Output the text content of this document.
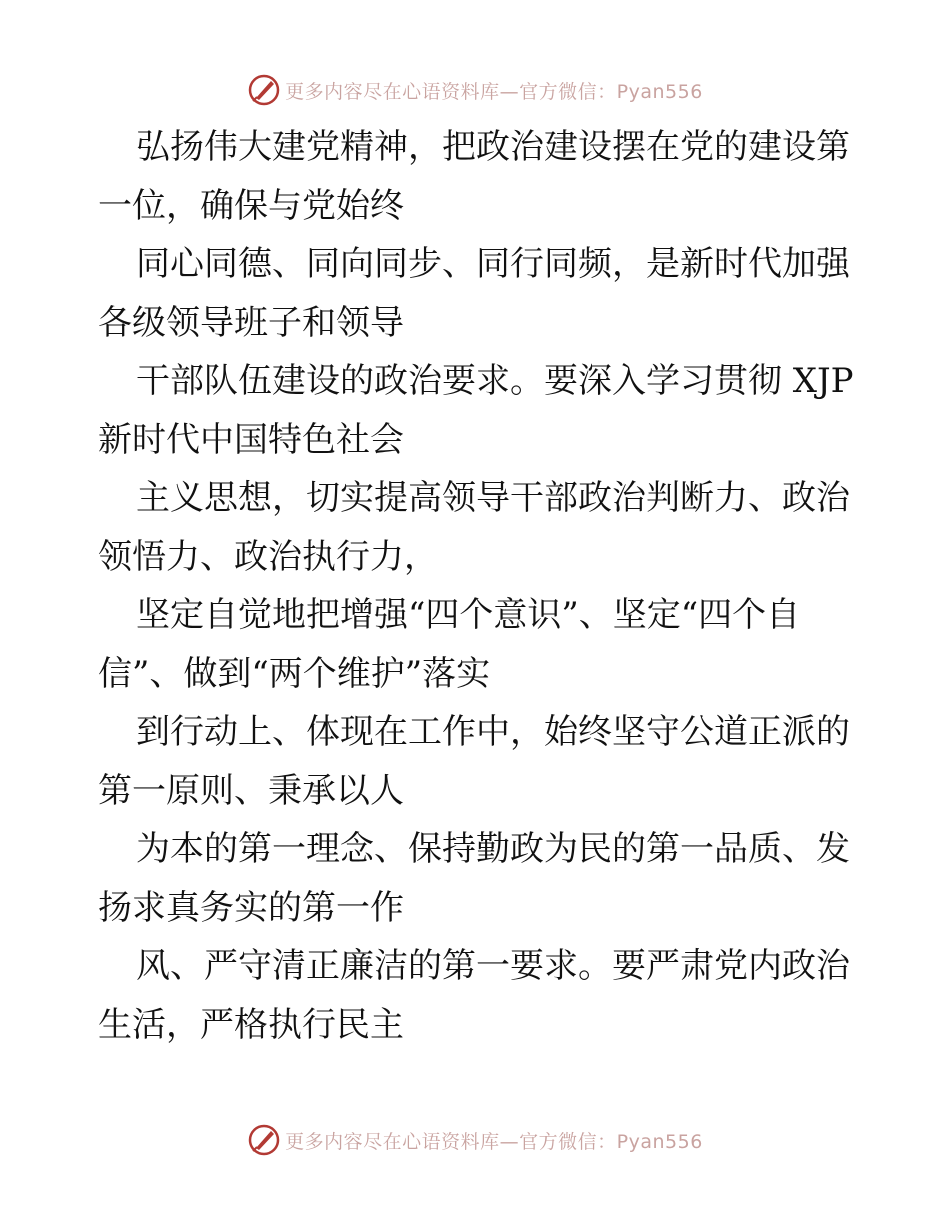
更多内容尽在心语资料库—官方微信：Pyan556

弘扬伟大建党精神，把政治建设摆在党的建设第
一位，确保与党始终

同心同德、同向同步、同行同频，是新时代加强
各级领导班子和领导

干部队伍建设的政治要求。要深入学习贯彻 XJP
新时代中国特色社会

主义思想，切实提高领导干部政治判断力、政治
领悟力、政治执行力，

坚定自觉地把增强“四个意识”、坚定“四个自
信”、做到“两个维护”落实

到行动上、体现在工作中，始终坚守公道正派的
第一原则、秉承以人

为本的第一理念、保持勤政为民的第一品质、发
扬求真务实的第一作

风、严守清正廉洁的第一要求。要严肃党内政治
生活，严格执行民主

更多内容尽在心语资料库—官方微信：Pyan556
